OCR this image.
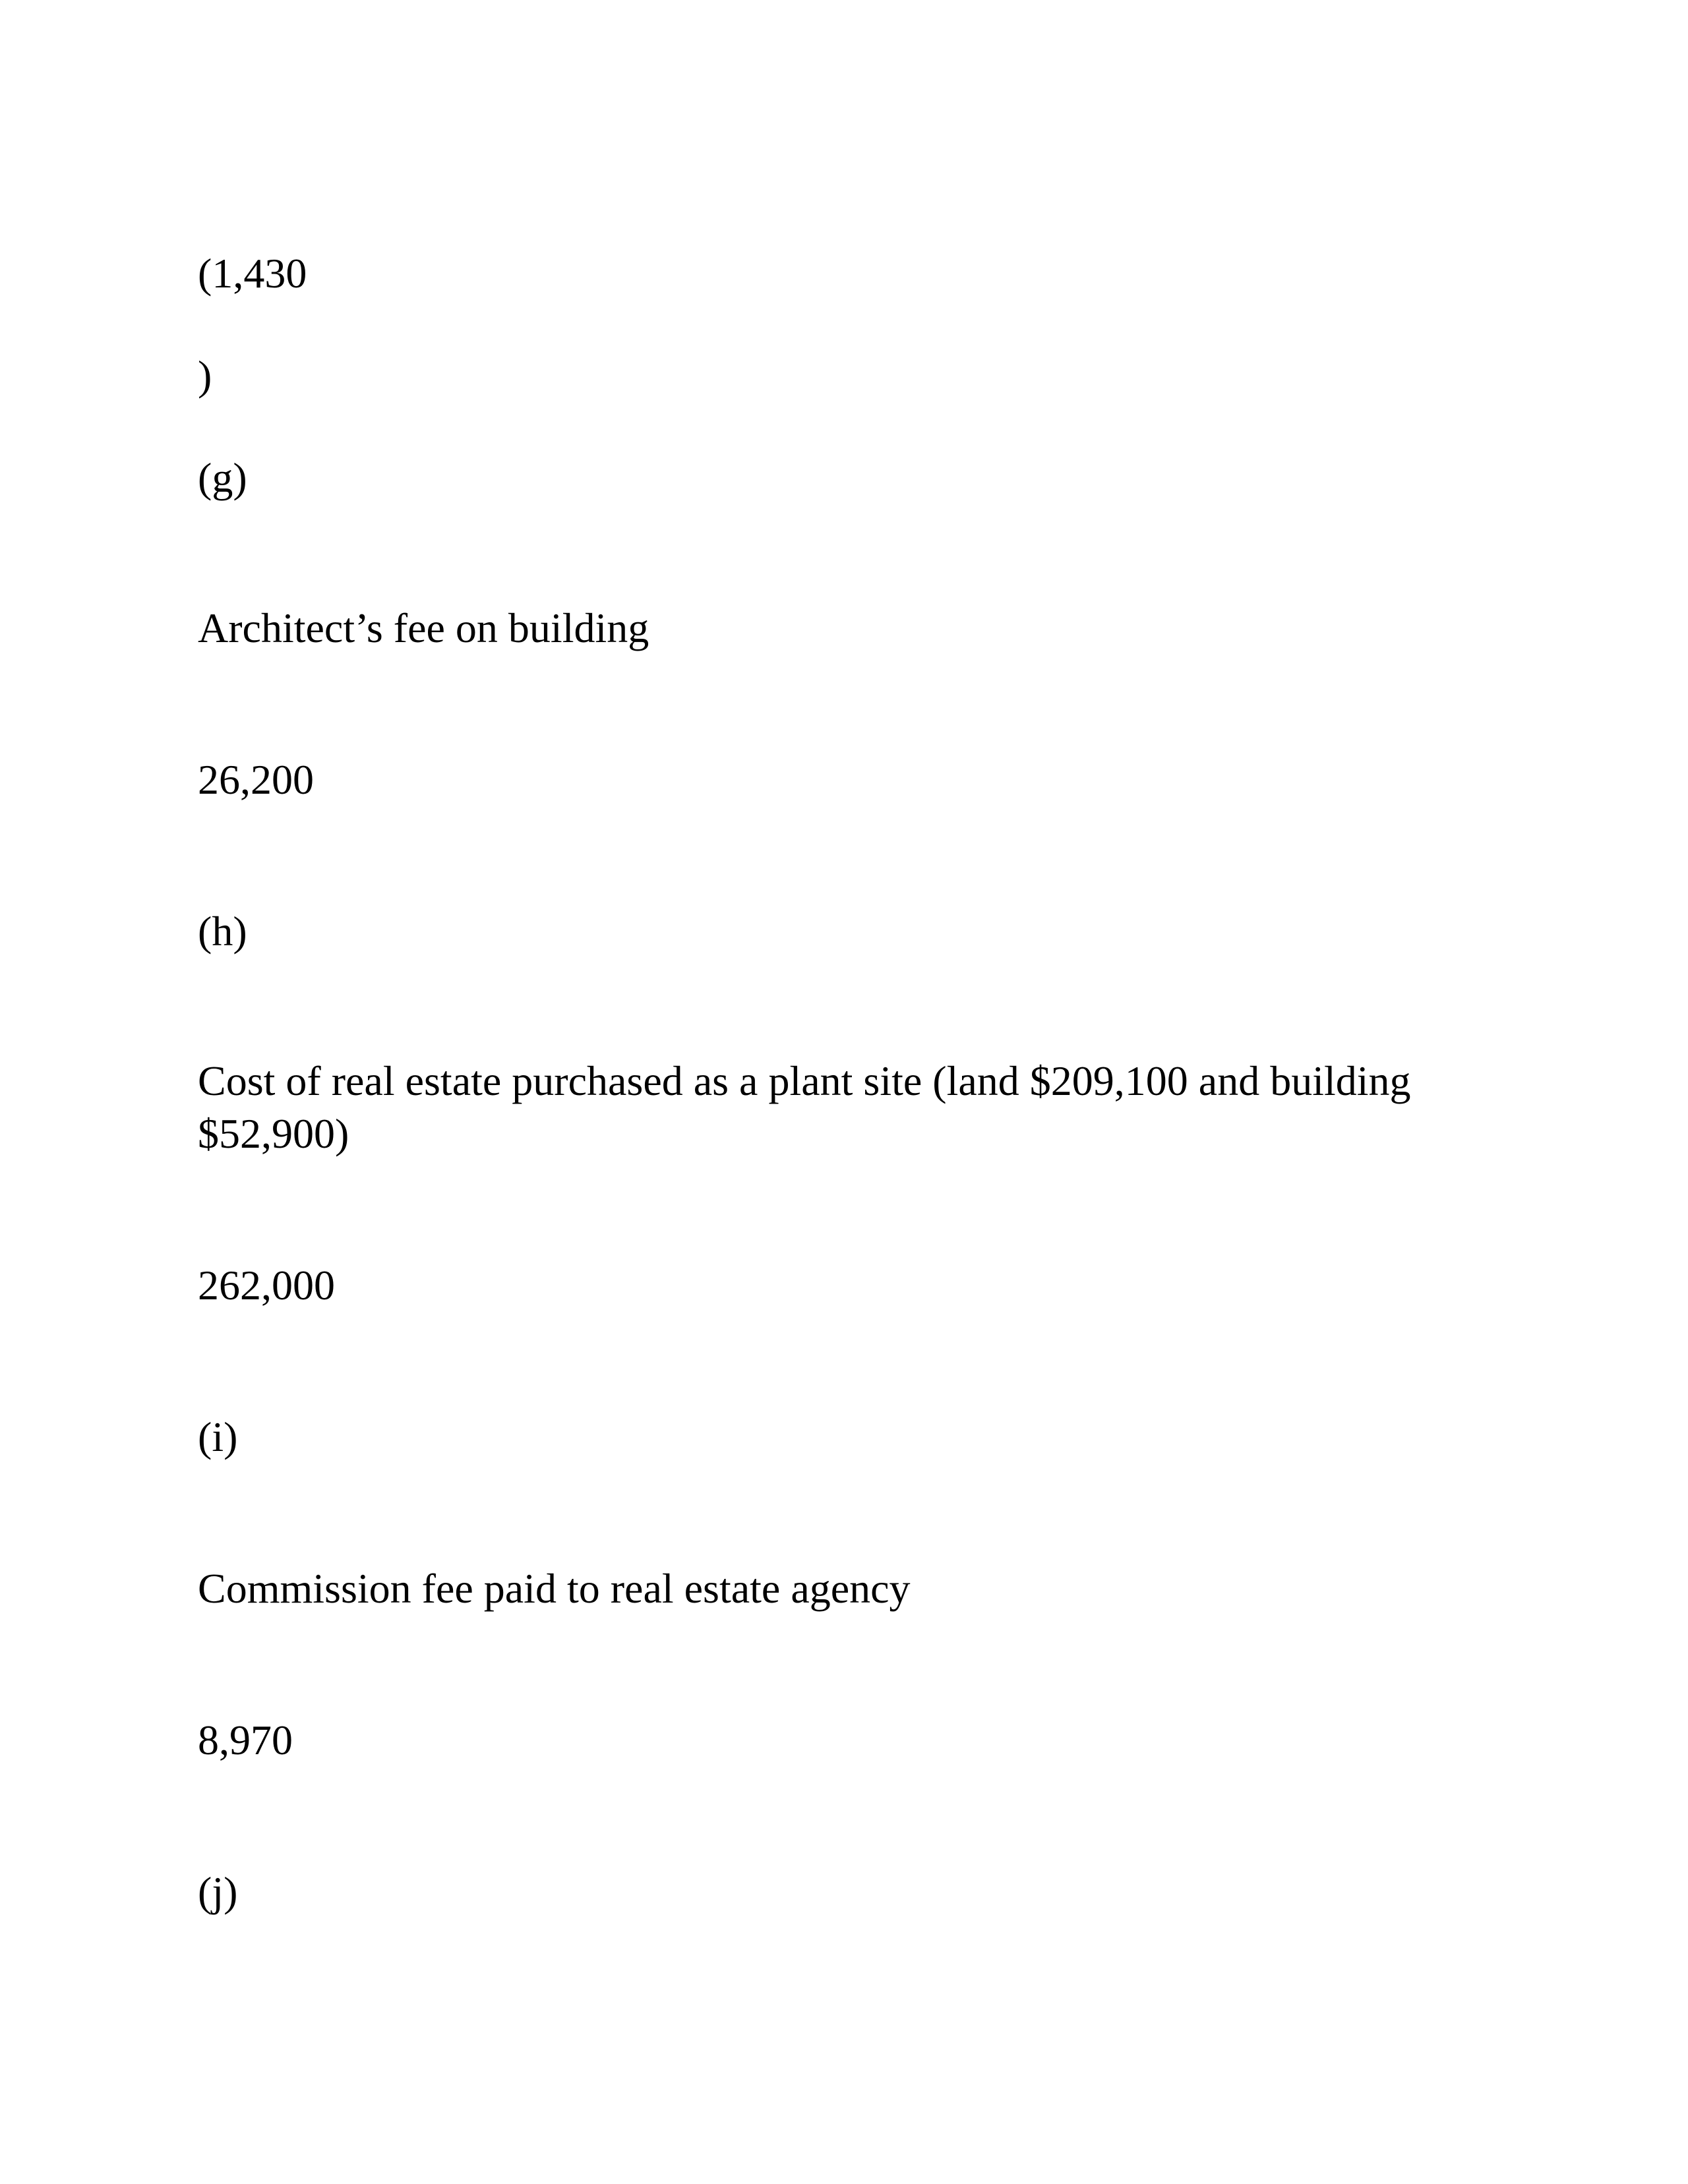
(1,430
)
(g)
Architect’s fee on building
26,200
(h)
Cost of real estate purchased as a plant site (land $209,100 and building $52,900)
262,000
(i)
Commission fee paid to real estate agency
8,970
(j)
